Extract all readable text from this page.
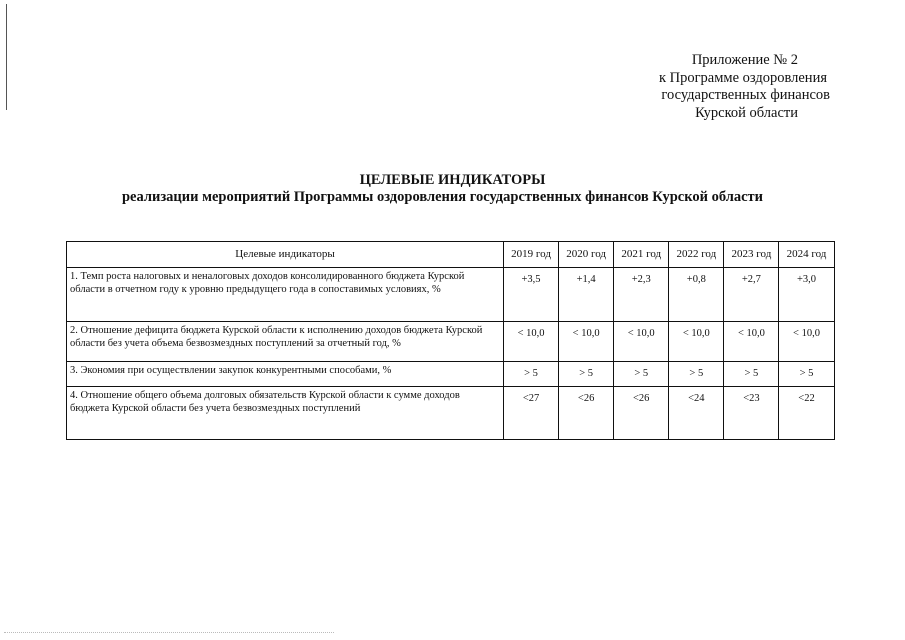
Приложение № 2
к Программе оздоровления
государственных финансов
Курской области
ЦЕЛЕВЫЕ ИНДИКАТОРЫ
реализации мероприятий Программы оздоровления государственных финансов Курской области
Целевые индикаторы	2019 год	2020 год	2021 год	2022 год	2023 год	2024 год
1. Темп роста налоговых и неналоговых доходов консолидированного бюджета Курской области в отчетном году к уровню предыдущего года в сопоставимых условиях, %	+3,5	+1,4	+2,3	+0,8	+2,7	+3,0
2. Отношение дефицита бюджета Курской области к исполнению доходов бюджета Курской области без учета объема безвозмездных поступлений за отчетный год, %	< 10,0	< 10,0	< 10,0	< 10,0	< 10,0	< 10,0
3. Экономия при осуществлении закупок конкурентными способами, %	> 5	> 5	> 5	> 5	> 5	> 5
4. Отношение общего объема долговых обязательств Курской области к сумме доходов бюджета Курской области без учета безвозмездных поступлений	<27	<26	<26	<24	<23	<22
